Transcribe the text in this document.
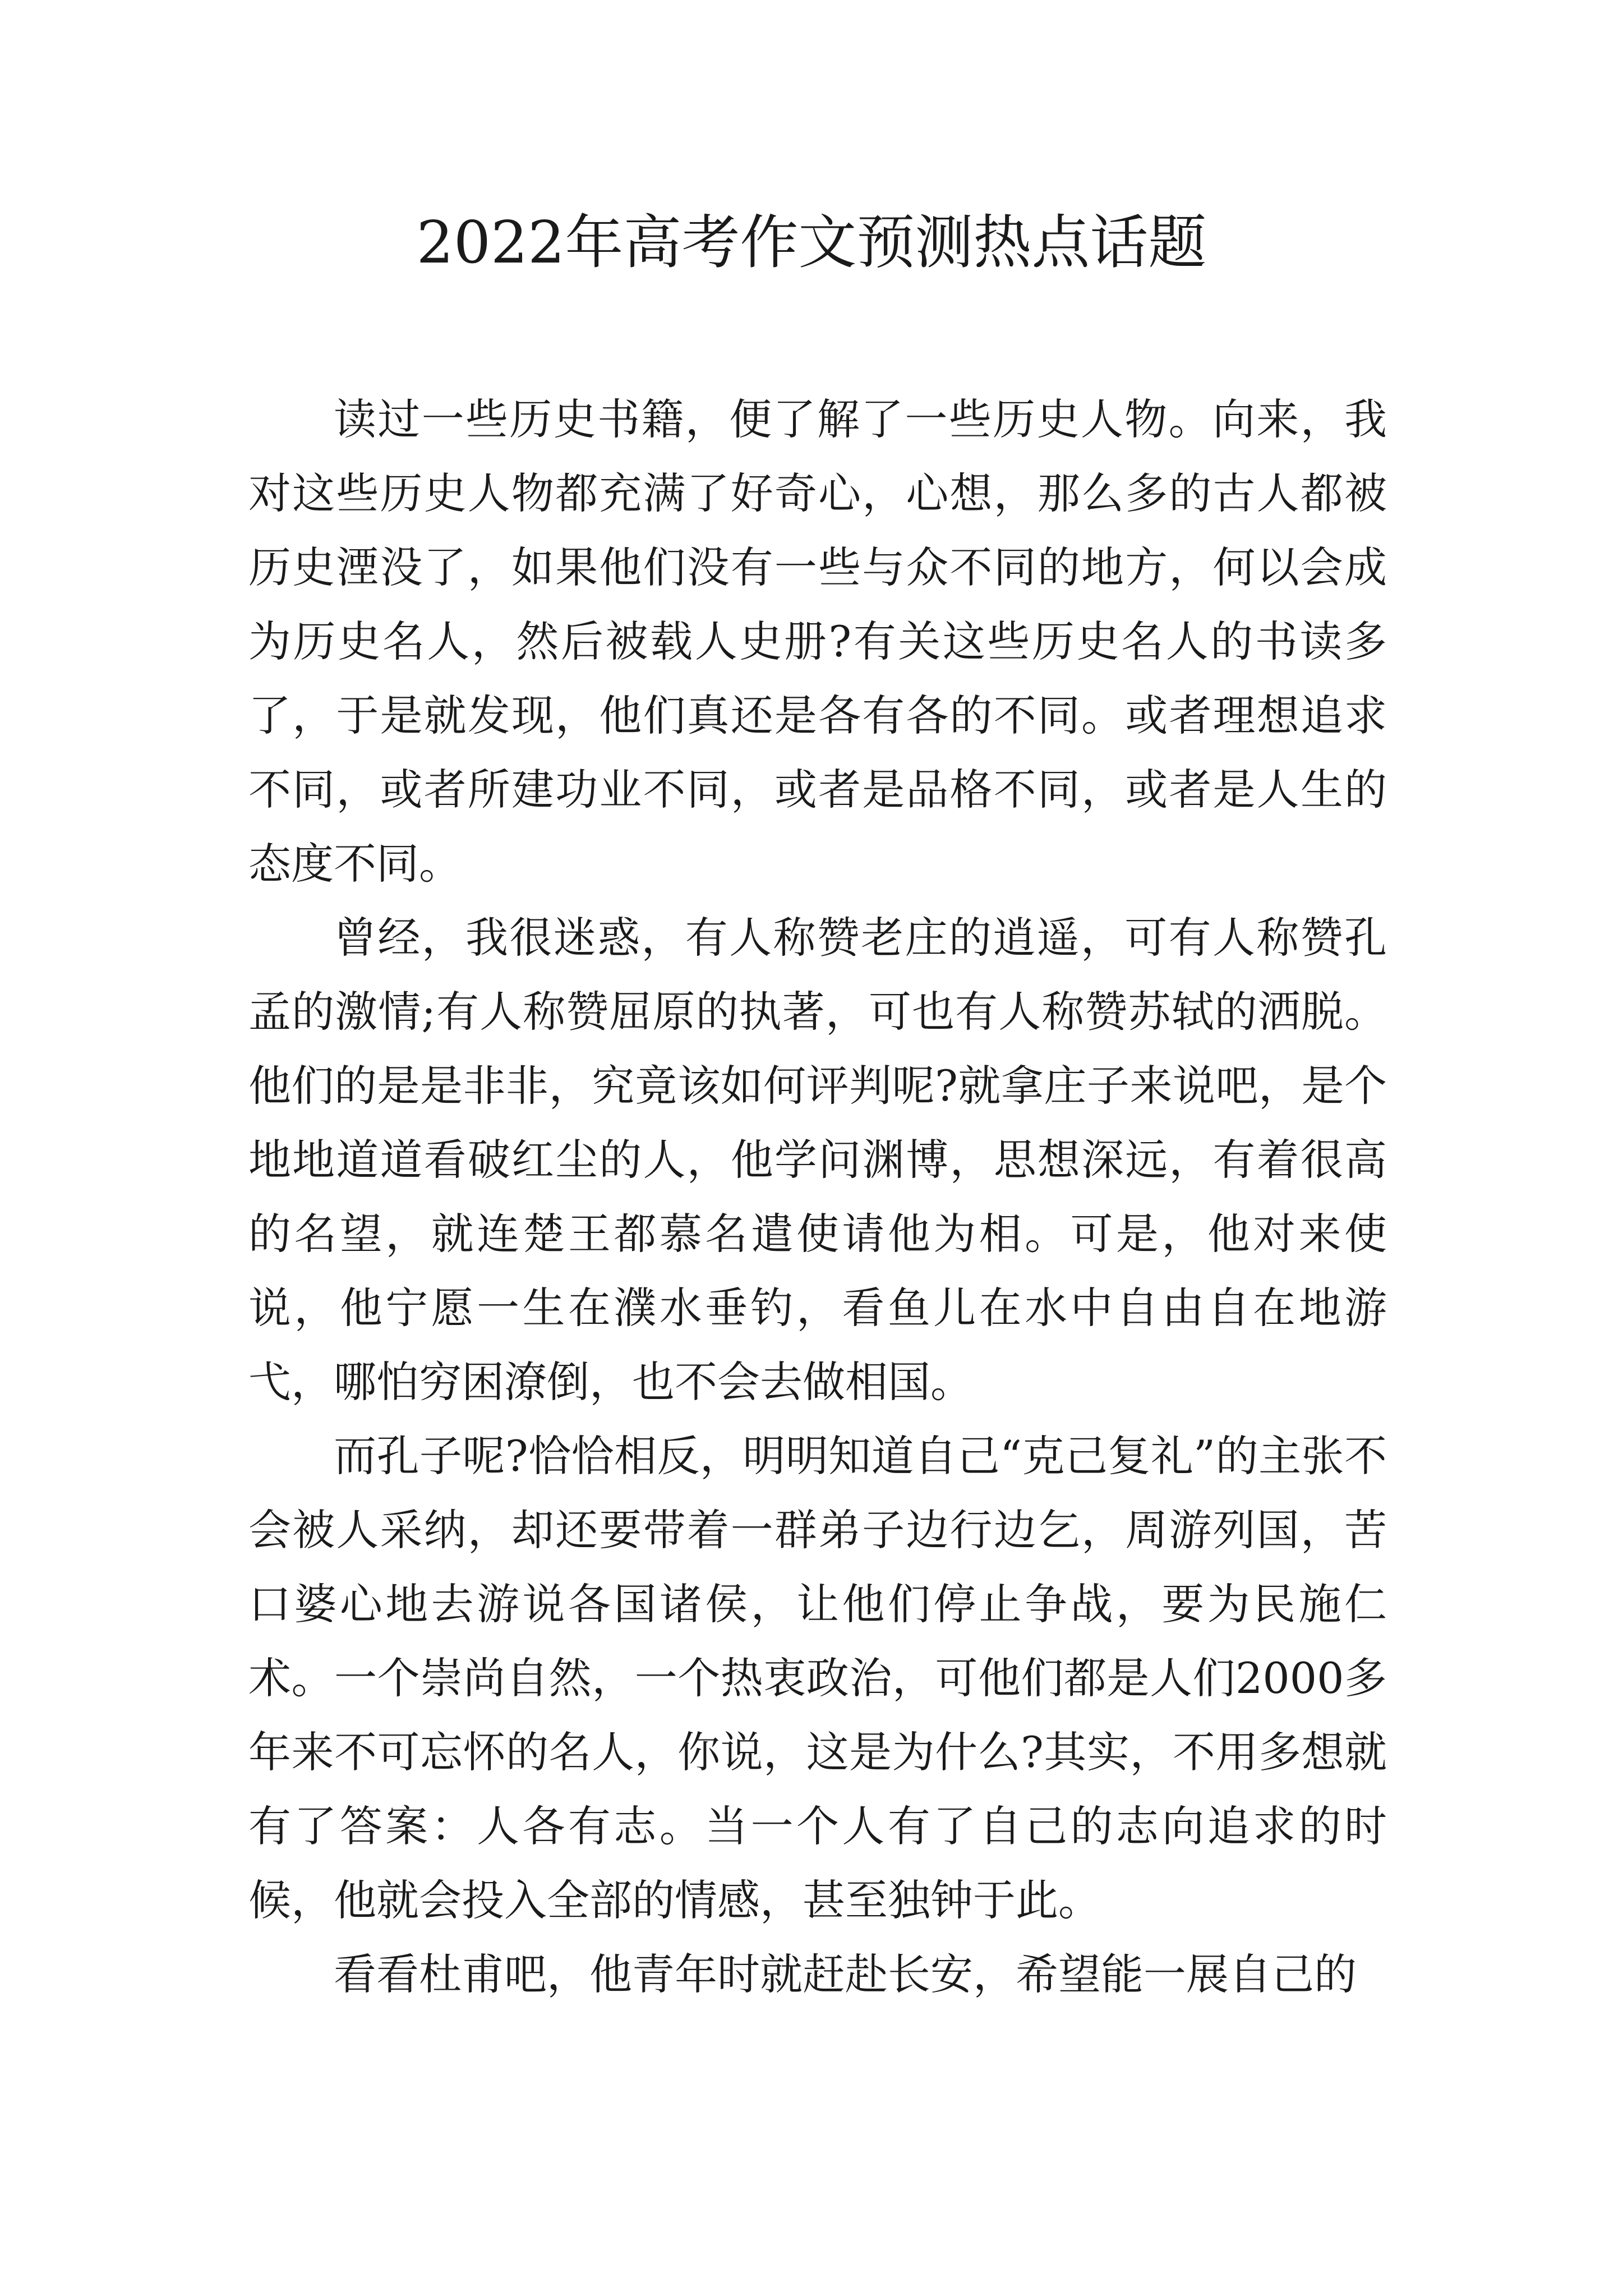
2022年高考作文预测热点话题

读过一些历史书籍，便了解了一些历史人物。向来，我对这些历史人物都充满了好奇心，心想，那么多的古人都被历史湮没了，如果他们没有一些与众不同的地方，何以会成为历史名人，然后被载人史册?有关这些历史名人的书读多了，于是就发现，他们真还是各有各的不同。或者理想追求不同，或者所建功业不同，或者是品格不同，或者是人生的态度不同。

曾经，我很迷惑，有人称赞老庄的逍遥，可有人称赞孔孟的激情;有人称赞屈原的执著，可也有人称赞苏轼的洒脱。他们的是是非非，究竟该如何评判呢?就拿庄子来说吧，是个地地道道看破红尘的人，他学问渊博，思想深远，有着很高的名望，就连楚王都慕名遣使请他为相。可是，他对来使说，他宁愿一生在濮水垂钓，看鱼儿在水中自由自在地游弋，哪怕穷困潦倒，也不会去做相国。

而孔子呢?恰恰相反，明明知道自己“克己复礼”的主张不会被人采纳，却还要带着一群弟子边行边乞，周游列国，苦口婆心地去游说各国诸侯，让他们停止争战，要为民施仁术。一个崇尚自然，一个热衷政治，可他们都是人们2000多年来不可忘怀的名人，你说，这是为什么?其实，不用多想就有了答案：人各有志。当一个人有了自己的志向追求的时候，他就会投入全部的情感，甚至独钟于此。

看看杜甫吧，他青年时就赶赴长安，希望能一展自己的
